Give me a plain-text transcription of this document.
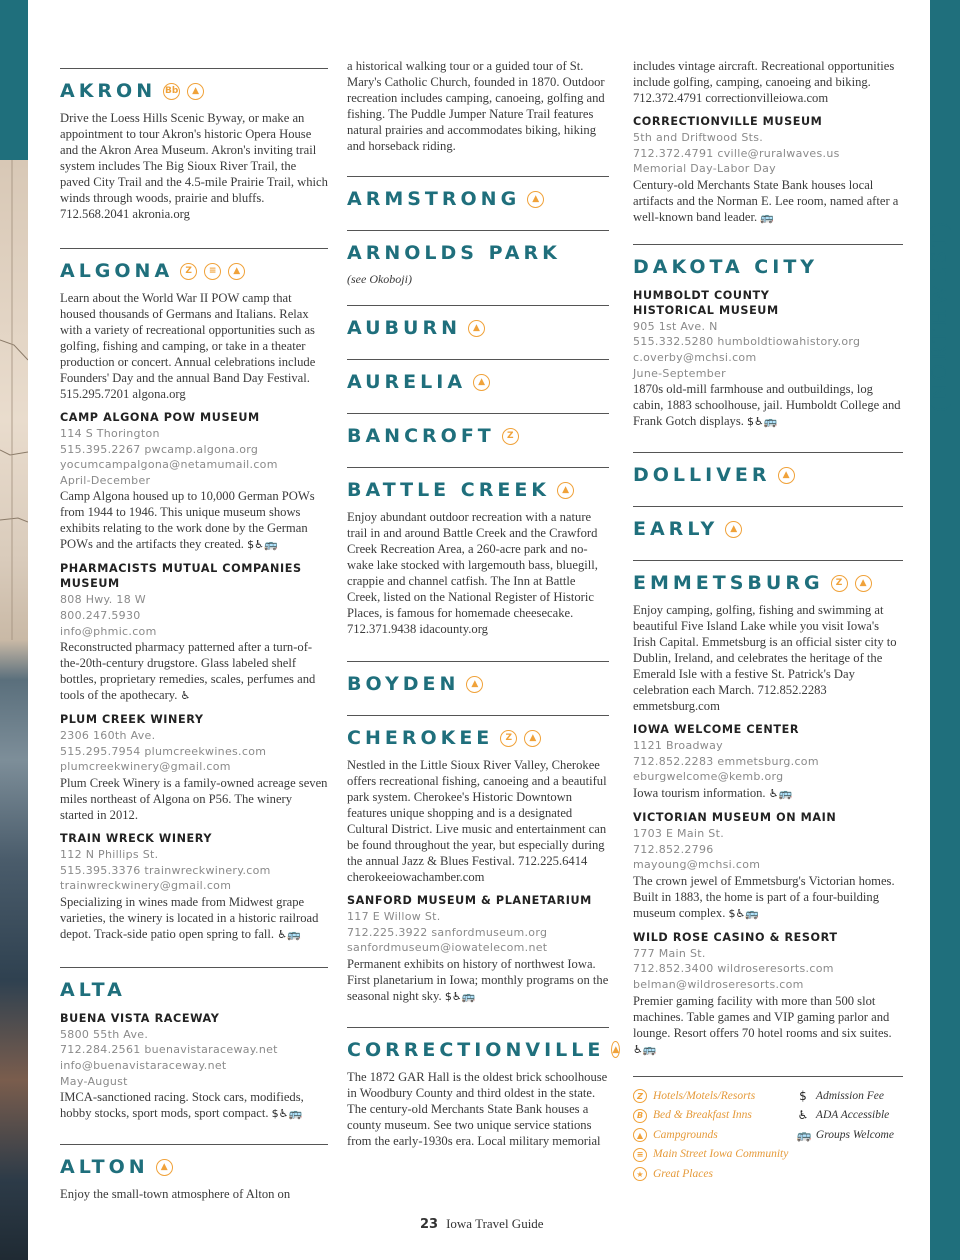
(NORTHWEST)
AKRON Bb	▲

Drive the Loess Hills Scenic Byway, or make an appointment to tour Akron's historic Opera House and the Akron Area Museum. Akron's inviting trail system includes The Big Sioux River Trail, the paved City Trail and the 4.5-mile Prairie Trail, which winds through woods, prairie and bluffs. 712.568.2041 akronia.org

ALGONA	Z	≡	▲

Learn about the World War II POW camp that housed thousands of Germans and Italians. Relax with a variety of recreational opportunities such as golfing, fishing and camping, or take in a theater production or concert. Annual celebrations include Founders' Day and the annual Band Day Festival. 515.295.7201 algona.org

CAMP ALGONA POW MUSEUM

114 S Thorington

515.395.2267 pwcamp.algona.org

yocumcampalgona@netamumail.com

April-December

Camp Algona housed up to 10,000 German POWs from 1944 to 1946. This unique museum shows exhibits relating to the work done by the German POWs and the artifacts they created. $♿🚌

PHARMACISTS MUTUAL COMPANIES MUSEUM

808 Hwy. 18 W

800.247.5930

info@phmic.com

Reconstructed pharmacy patterned after a turn-of-the-20th-century drugstore. Glass labeled shelf bottles, proprietary remedies, scales, perfumes and tools of the apothecary. ♿

PLUM CREEK WINERY

2306 160th Ave.

515.295.7954 plumcreekwines.com

plumcreekwinery@gmail.com

Plum Creek Winery is a family-owned acreage seven miles northeast of Algona on P56. The winery started in 2012.

TRAIN WRECK WINERY

112 N Phillips St.

515.395.3376 trainwreckwinery.com

trainwreckwinery@gmail.com

Specializing in wines made from Midwest grape varieties, the winery is located in a historic railroad depot. Track-side patio open spring to fall. ♿🚌

ALTA
BUENA VISTA RACEWAY

5800 55th Ave.

712.284.2561 buenavistaraceway.net

info@buenavistaraceway.net

May-August

IMCA-sanctioned racing. Stock cars, modifieds, hobby stocks, sport mods, sport compact. $♿🚌

ALTON	▲

Enjoy the small-town atmosphere of Alton on

a historical walking tour or a guided tour of St. Mary's Catholic Church, founded in 1870. Outdoor recreation includes camping, canoeing, golfing and fishing. The Puddle Jumper Nature Trail features natural prairies and accommodates biking, hiking and horseback riding.

ARMSTRONG	▲
ARNOLDS PARK

(see Okoboji)

AUBURN	▲
AURELIA	▲
BANCROFT	Z
BATTLE CREEK	▲

Enjoy abundant outdoor recreation with a nature trail in and around Battle Creek and the Crawford Creek Recreation Area, a 260-acre park and no-wake lake stocked with largemouth bass, bluegill, crappie and channel catfish. The Inn at Battle Creek, listed on the National Register of Historic Places, is famous for homemade cheesecake. 712.371.9438 idacounty.org

BOYDEN	▲
CHEROKEE	Z	▲

Nestled in the Little Sioux River Valley, Cherokee offers recreational fishing, canoeing and a beautiful park system. Cherokee's Historic Downtown features unique shopping and is a designated Cultural District. Live music and entertainment can be found throughout the year, but especially during the annual Jazz & Blues Festival. 712.225.6414 cherokeeiowachamber.com

SANFORD MUSEUM & PLANETARIUM

117 E Willow St.

712.225.3922 sanfordmuseum.org

sanfordmuseum@iowatelecom.net

Permanent exhibits on history of northwest Iowa. First planetarium in Iowa; monthly programs on the seasonal night sky. $♿🚌

CORRECTIONVILLE ▲

The 1872 GAR Hall is the oldest brick schoolhouse in Woodbury County and third oldest in the state. The century-old Merchants State Bank houses a county museum. See two unique service stations from the early-1930s era. Local military memorial

includes vintage aircraft. Recreational opportunities include golfing, camping, canoeing and biking. 712.372.4791 correctionvilleiowa.com

CORRECTIONVILLE MUSEUM

5th and Driftwood Sts.

712.372.4791 cville@ruralwaves.us

Memorial Day-Labor Day

Century-old Merchants State Bank houses local artifacts and the Norman E. Lee room, named after a well-known band leader. 🚌

DAKOTA CITY
HUMBOLDT COUNTY HISTORICAL MUSEUM

905 1st Ave. N

515.332.5280 humboldtiowahistory.org

c.overby@mchsi.com

June-September

1870s old-mill farmhouse and outbuildings, log cabin, 1883 schoolhouse, jail. Humboldt College and Frank Gotch displays. $♿🚌

DOLLIVER	▲
EARLY	▲
EMMETSBURG	Z	▲

Enjoy camping, golfing, fishing and swimming at beautiful Five Island Lake while you visit Iowa's Irish Capital. Emmetsburg is an official sister city to Dublin, Ireland, and celebrates the heritage of the Emerald Isle with a festive St. Patrick's Day celebration each March. 712.852.2283 emmetsburg.com

IOWA WELCOME CENTER

1121 Broadway

712.852.2283 emmetsburg.com

eburgwelcome@kemb.org

Iowa tourism information. ♿🚌

VICTORIAN MUSEUM ON MAIN

1703 E Main St.

712.852.2796

mayoung@mchsi.com

The crown jewel of Emmetsburg's Victorian homes. Built in 1883, the home is part of a four-building museum complex. $♿🚌

WILD ROSE CASINO & RESORT

777 Main St.

712.852.3400 wildroseresorts.com

belman@wildroseresorts.com

Premier gaming facility with more than 500 slot machines. Table games and VIP gaming parlor and lounge. Resort offers 70 hotel rooms and six suites. ♿🚌

Z Hotels/Motels/Resorts
B Bed & Breakfast Inns
▲ Campgrounds
≡ Main Street Iowa Community
★ Great Places
$ Admission Fee
♿ ADA Accessible
🚌 Groups Welcome
23 Iowa Travel Guide
